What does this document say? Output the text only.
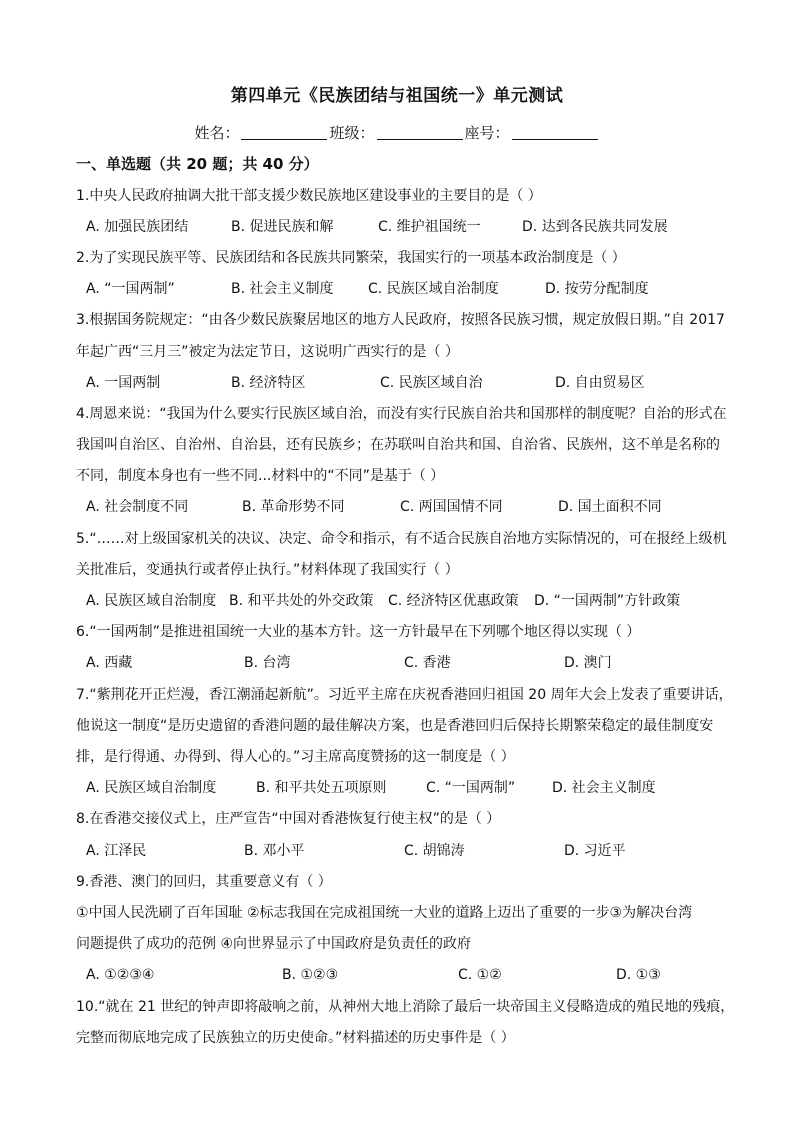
第四单元《民族团结与祖国统一》单元测试
姓名：	班级：	座号：
一、单选题（共 20 题；共 40 分）
1.中央人民政府抽调大批干部支援少数民族地区建设事业的主要目的是（ ）
A. 加强民族团结	B. 促进民族和解	C. 维护祖国统一	D. 达到各民族共同发展
2.为了实现民族平等、民族团结和各民族共同繁荣，我国实行的一项基本政治制度是（ ）
A. “一国两制”	B. 社会主义制度 C. 民族区域自治制度	D. 按劳分配制度
3.根据国务院规定：“由各少数民族聚居地区的地方人民政府，按照各民族习惯，规定放假日期。”自 2017
年起广西“三月三”被定为法定节日，这说明广西实行的是（ ）
A. 一国两制	B. 经济特区	C. 民族区域自治	D. 自由贸易区
4.周恩来说：“我国为什么要实行民族区域自治，而没有实行民族自治共和国那样的制度呢？自治的形式在
我国叫自治区、自治州、自治县，还有民族乡；在苏联叫自治共和国、自治省、民族州，这不单是名称的
不同，制度本身也有一些不同...材料中的“不同”是基于（ ）
A. 社会制度不同	B. 革命形势不同	C. 两国国情不同	D. 国土面积不同
5.“……对上级国家机关的决议、决定、命令和指示，有不适合民族自治地方实际情况的，可在报经上级机
关批准后，变通执行或者停止执行。”材料体现了我国实行（ ）
A. 民族区域自治制度 B. 和平共处的外交政策 C. 经济特区优惠政策 D. “一国两制”方针政策
6.“一国两制”是推进祖国统一大业的基本方针。这一方针最早在下列哪个地区得以实现（ ）
A. 西藏	B. 台湾	C. 香港	D. 澳门
7.“紫荆花开正烂漫，香江潮涌起新航”。习近平主席在庆祝香港回归祖国 20 周年大会上发表了重要讲话，
他说这一制度“是历史遗留的香港问题的最佳解决方案，也是香港回归后保持长期繁荣稳定的最佳制度安
排，是行得通、办得到、得人心的。”习主席高度赞扬的这一制度是（ ）
A. 民族区域自治制度	B. 和平共处五项原则	C. “一国两制”	D. 社会主义制度
8.在香港交接仪式上，庄严宣告“中国对香港恢复行使主权”的是（ ）
A. 江泽民	B. 邓小平	C. 胡锦涛	D. 习近平
9.香港、澳门的回归，其重要意义有（ ）
①中国人民洗刷了百年国耻 ②标志我国在完成祖国统一大业的道路上迈出了重要的一步③为解决台湾
问题提供了成功的范例 ④向世界显示了中国政府是负责任的政府
A. ①②③④	B. ①②③	C. ①②	D. ①③
10.“就在 21 世纪的钟声即将敲响之前，从神州大地上消除了最后一块帝国主义侵略造成的殖民地的残痕，
完整而彻底地完成了民族独立的历史使命。”材料描述的历史事件是（ ）
